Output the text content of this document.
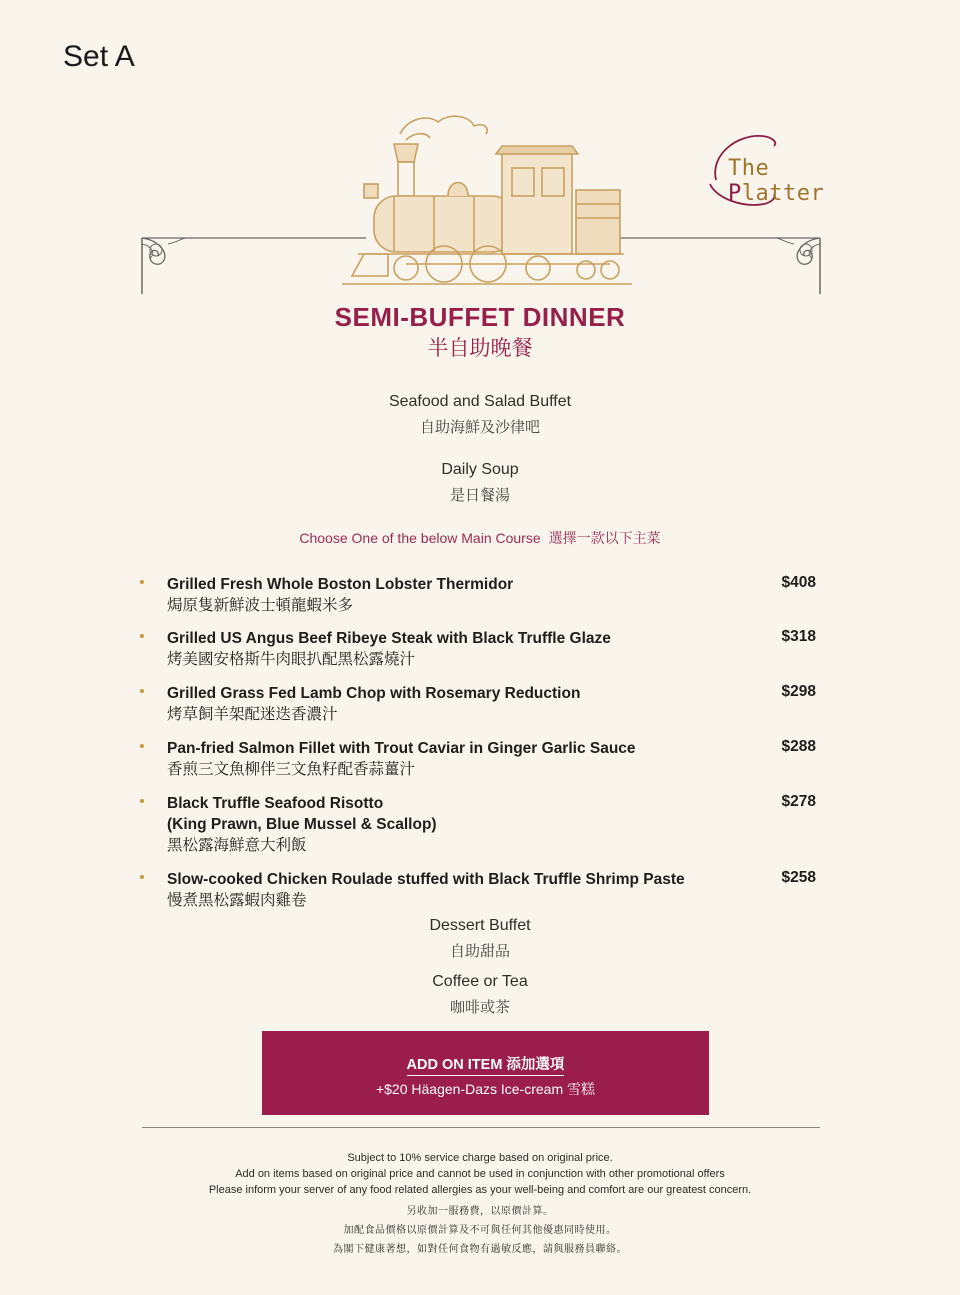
Set A
The Platter
SEMI-BUFFET DINNER
半自助晚餐
Seafood and Salad Buffet
自助海鮮及沙律吧
Daily Soup
是日餐湯
Choose One of the below Main Course 選擇一款以下主菜
Grilled Fresh Whole Boston Lobster Thermidor
焗原隻新鮮波士頓龍蝦米多
$408
Grilled US Angus Beef Ribeye Steak with Black Truffle Glaze
烤美國安格斯牛肉眼扒配黑松露燒汁
$318
Grilled Grass Fed Lamb Chop with Rosemary Reduction
烤草飼羊架配迷迭香濃汁
$298
Pan-fried Salmon Fillet with Trout Caviar in Ginger Garlic Sauce
香煎三文魚柳伴三文魚籽配香蒜薑汁
$288
Black Truffle Seafood Risotto
(King Prawn, Blue Mussel & Scallop)
黑松露海鮮意大利飯
$278
Slow-cooked Chicken Roulade stuffed with Black Truffle Shrimp Paste
慢煮黑松露蝦肉雞卷
$258
Dessert Buffet
自助甜品
Coffee or Tea
咖啡或茶
ADD ON ITEM 添加選項
+$20 Häagen-Dazs Ice-cream 雪糕
Subject to 10% service charge based on original price.
Add on items based on original price and cannot be used in conjunction with other promotional offers
Please inform your server of any food related allergies as your well-being and comfort are our greatest concern.
另收加一服務費，以原價計算。
加配食品價格以原價計算及不可與任何其他優惠同時使用。
為閣下健康著想，如對任何食物有過敏反應，請與服務員聯絡。
